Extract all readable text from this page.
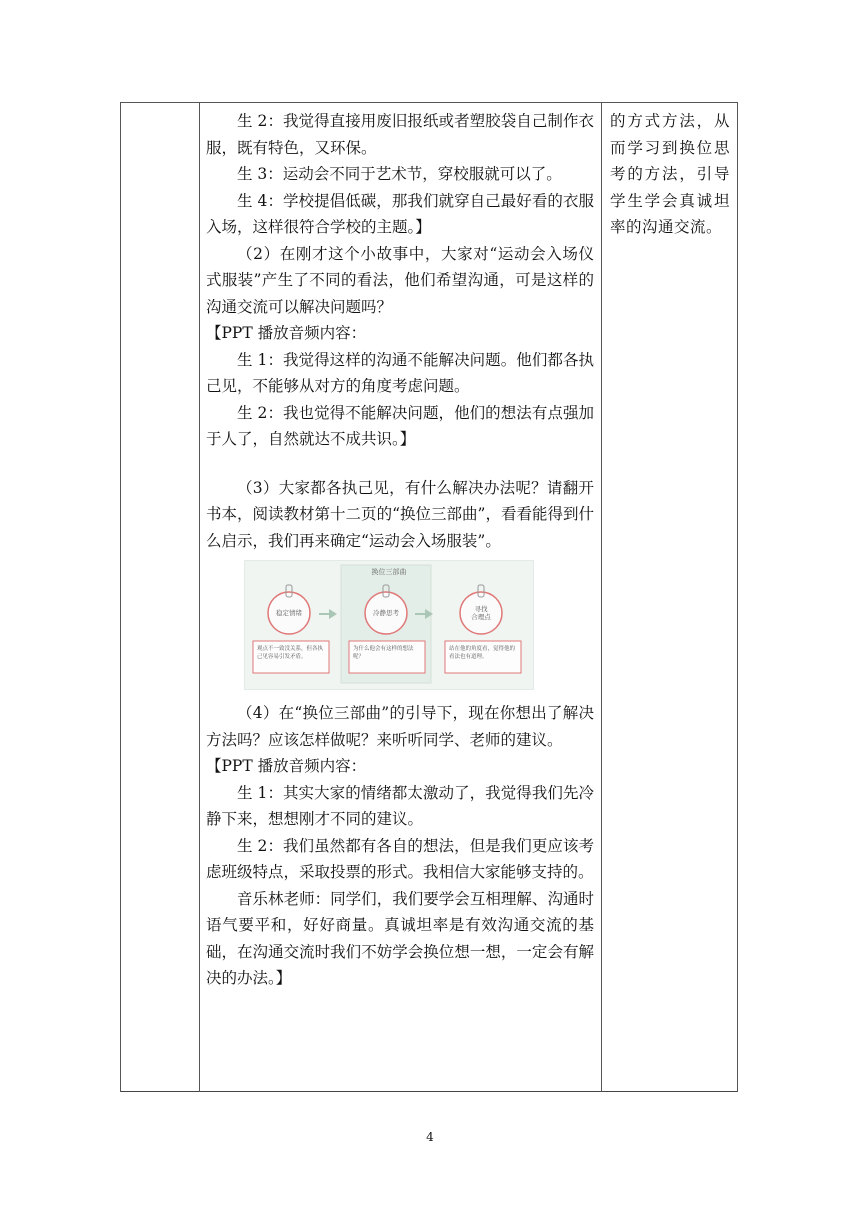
生 2：我觉得直接用废旧报纸或者塑胶袋自己制作衣服，既有特色，又环保。

生 3：运动会不同于艺术节，穿校服就可以了。

生 4：学校提倡低碳，那我们就穿自己最好看的衣服入场，这样很符合学校的主题。】

（2）在刚才这个小故事中，大家对“运动会入场仪式服装”产生了不同的看法，他们希望沟通，可是这样的沟通交流可以解决问题吗？

【PPT 播放音频内容：

生 1：我觉得这样的沟通不能解决问题。他们都各执己见，不能够从对方的角度考虑问题。

生 2：我也觉得不能解决问题，他们的想法有点强加于人了，自然就达不成共识。】

（3）大家都各执己见，有什么解决办法呢？请翻开书本，阅读教材第十二页的“换位三部曲”，看看能得到什么启示，我们再来确定“运动会入场服装”。

换位三部曲
稳定情绪	冷静思考	寻找
合理点
观点不一致没关系，但各执己见容易引发矛盾。
为什么他会有这样的想法呢？
站在他的角度看，觉得他的看法也有道理。

（4）在“换位三部曲”的引导下，现在你想出了解决方法吗？应该怎样做呢？来听听同学、老师的建议。

【PPT 播放音频内容：

生 1：其实大家的情绪都太激动了，我觉得我们先冷静下来，想想刚才不同的建议。

生 2：我们虽然都有各自的想法，但是我们更应该考虑班级特点，采取投票的形式。我相信大家能够支持的。

音乐林老师：同学们，我们要学会互相理解、沟通时语气要平和，好好商量。真诚坦率是有效沟通交流的基础，在沟通交流时我们不妨学会换位想一想，一定会有解决的办法。】

的方式方法，从而学习到换位思考的方法，引导学生学会真诚坦率的沟通交流。

4
